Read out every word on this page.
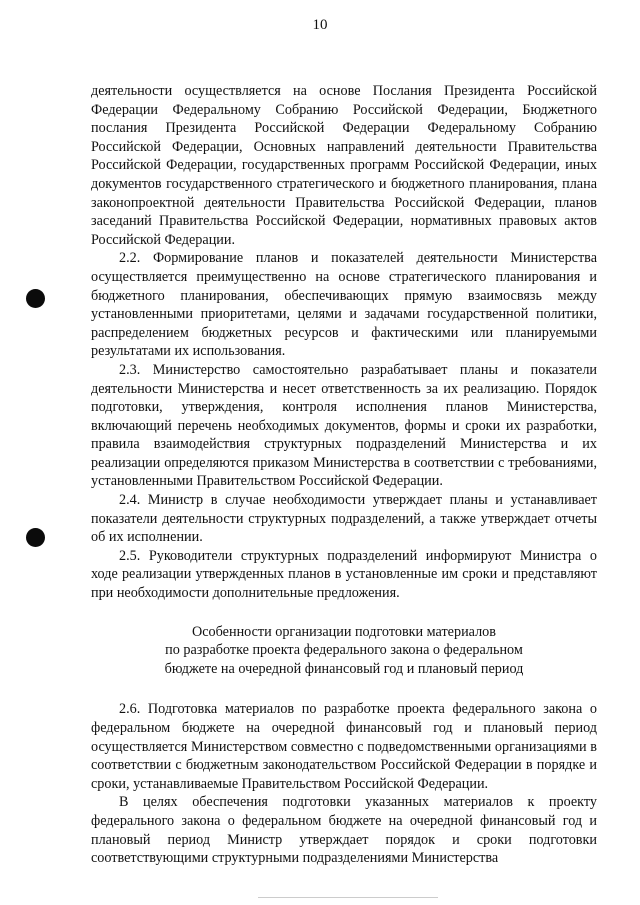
10

деятельности осуществляется на основе Послания Президента Российской Федерации Федеральному Собранию Российской Федерации, Бюджетного послания Президента Российской Федерации Федеральному Собранию Российской Федерации, Основных направлений деятельности Правительства Российской Федерации, государственных программ Российской Федерации, иных документов государственного стратегического и бюджетного планирования, плана законопроектной деятельности Правительства Российской Федерации, планов заседаний Правительства Российской Федерации, нормативных правовых актов Российской Федерации.

2.2. Формирование планов и показателей деятельности Министерства осуществляется преимущественно на основе стратегического планирования и бюджетного планирования, обеспечивающих прямую взаимосвязь между установленными приоритетами, целями и задачами государственной политики, распределением бюджетных ресурсов и фактическими или планируемыми результатами их использования.

2.3. Министерство самостоятельно разрабатывает планы и показатели деятельности Министерства и несет ответственность за их реализацию. Порядок подготовки, утверждения, контроля исполнения планов Министерства, включающий перечень необходимых документов, формы и сроки их разработки, правила взаимодействия структурных подразделений Министерства и их реализации определяются приказом Министерства в соответствии с требованиями, установленными Правительством Российской Федерации.

2.4. Министр в случае необходимости утверждает планы и устанавливает показатели деятельности структурных подразделений, а также утверждает отчеты об их исполнении.

2.5. Руководители структурных подразделений информируют Министра о ходе реализации утвержденных планов в установленные им сроки и представляют при необходимости дополнительные предложения.

Особенности организации подготовки материалов
по разработке проекта федерального закона о федеральном
бюджете на очередной финансовый год и плановый период

2.6. Подготовка материалов по разработке проекта федерального закона о федеральном бюджете на очередной финансовый год и плановый период осуществляется Министерством совместно с подведомственными организациями в соответствии с бюджетным законодательством Российской Федерации в порядке и сроки, устанавливаемые Правительством Российской Федерации.

В целях обеспечения подготовки указанных материалов к проекту федерального закона о федеральном бюджете на очередной финансовый год и плановый период Министр утверждает порядок и сроки подготовки соответствующими структурными подразделениями Министерства
